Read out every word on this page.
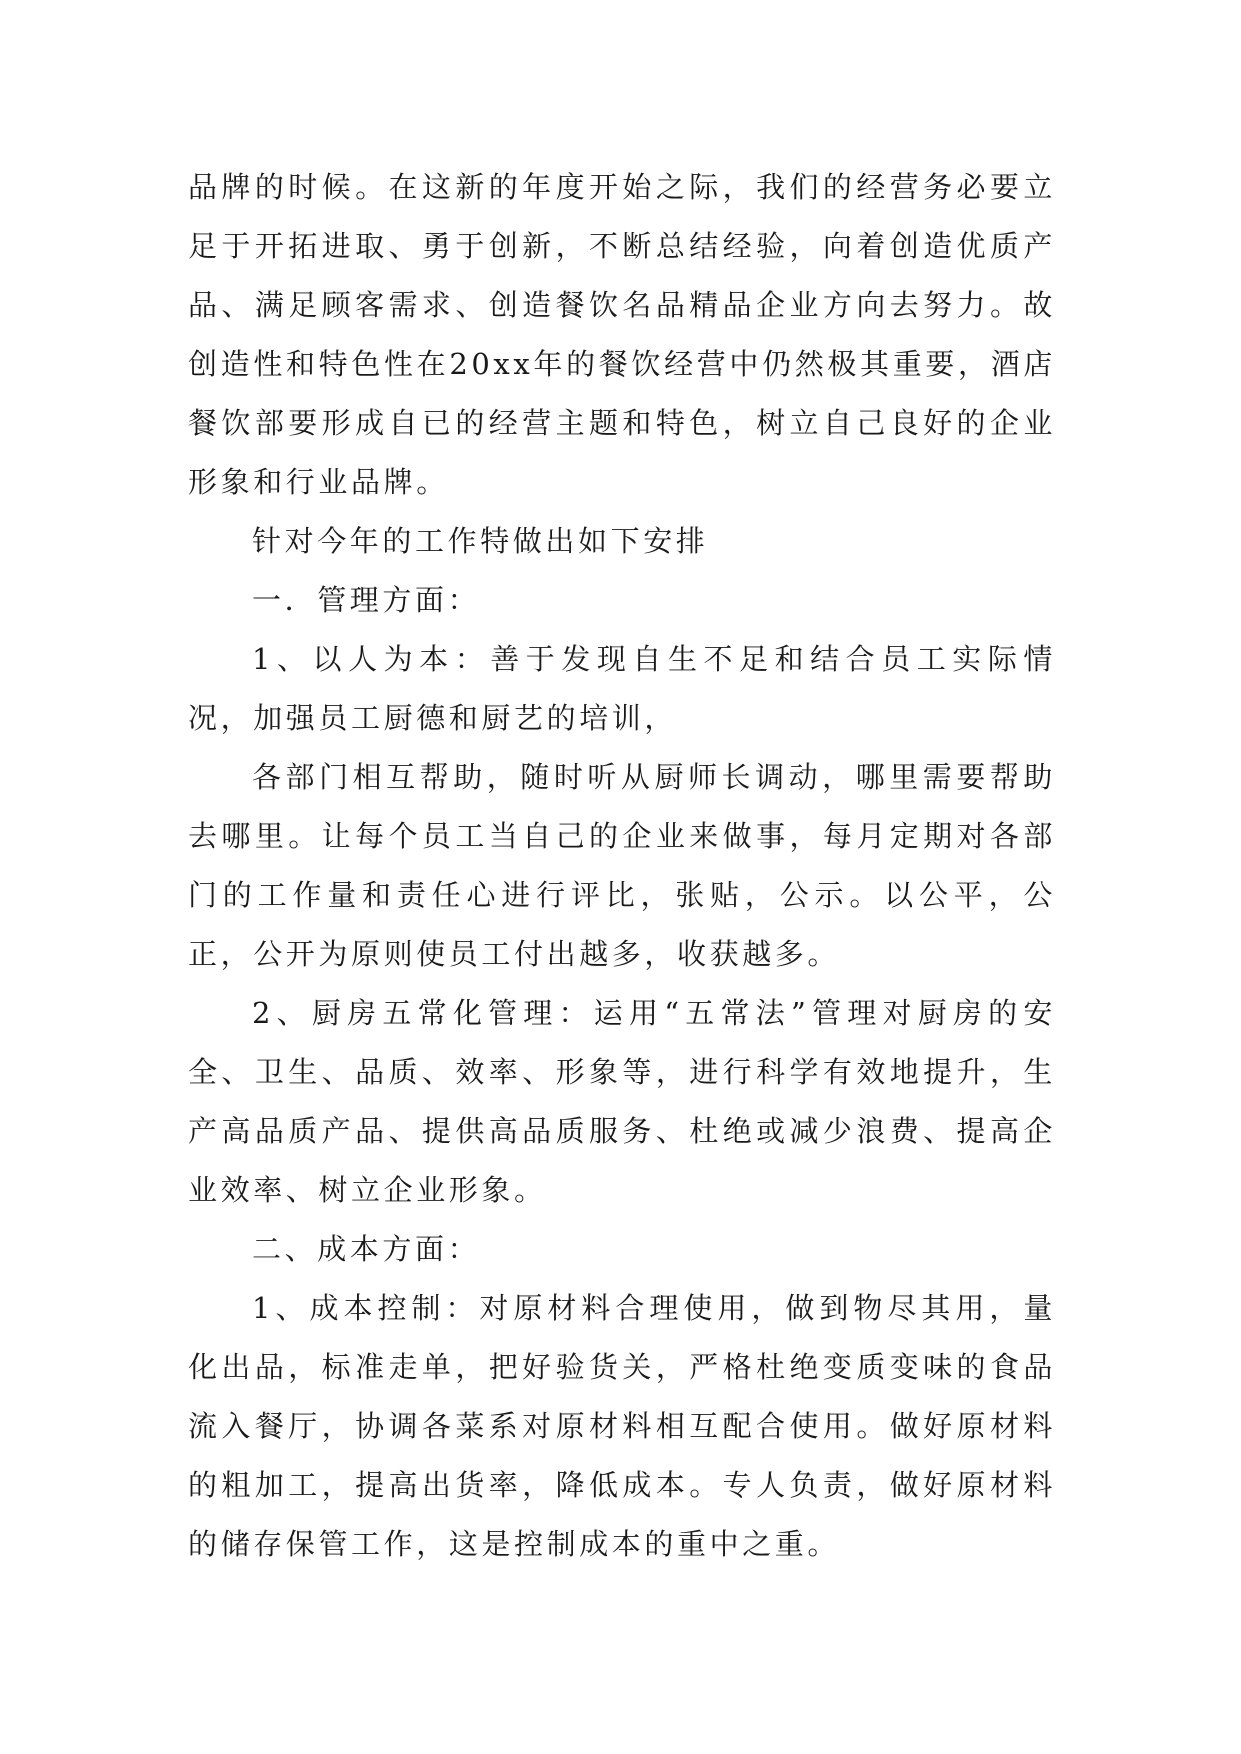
品牌的时候。在这新的年度开始之际，我们的经营务必要立足于开拓进取、勇于创新，不断总结经验，向着创造优质产品、满足顾客需求、创造餐饮名品精品企业方向去努力。故创造性和特色性在20xx年的餐饮经营中仍然极其重要，酒店餐饮部要形成自已的经营主题和特色，树立自己良好的企业形象和行业品牌。

针对今年的工作特做出如下安排

一．管理方面：

1、以人为本：善于发现自生不足和结合员工实际情况，加强员工厨德和厨艺的培训，

各部门相互帮助，随时听从厨师长调动，哪里需要帮助去哪里。让每个员工当自己的企业来做事，每月定期对各部门的工作量和责任心进行评比，张贴，公示。以公平，公正，公开为原则使员工付出越多，收获越多。

2、厨房五常化管理：运用“五常法”管理对厨房的安全、卫生、品质、效率、形象等，进行科学有效地提升，生产高品质产品、提供高品质服务、杜绝或减少浪费、提高企业效率、树立企业形象。

二、成本方面：

1、成本控制：对原材料合理使用，做到物尽其用，量化出品，标准走单，把好验货关，严格杜绝变质变味的食品流入餐厅，协调各菜系对原材料相互配合使用。做好原材料的粗加工，提高出货率，降低成本。专人负责，做好原材料的储存保管工作，这是控制成本的重中之重。
